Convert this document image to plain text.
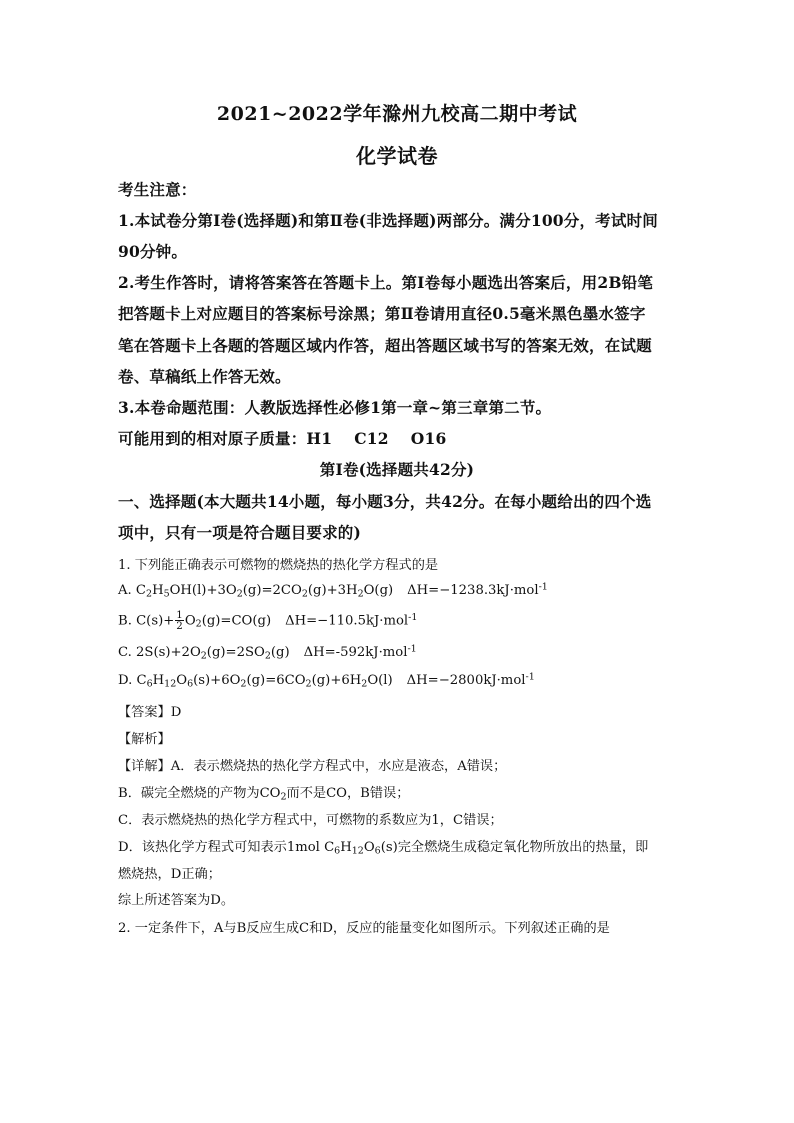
2021~2022学年滁州九校高二期中考试
化学试卷
考生注意：
1.本试卷分第Ⅰ卷(选择题)和第Ⅱ卷(非选择题)两部分。满分100分，考试时间
90分钟。
2.考生作答时，请将答案答在答题卡上。第Ⅰ卷每小题选出答案后，用2B铅笔
把答题卡上对应题目的答案标号涂黑；第Ⅱ卷请用直径0.5毫米黑色墨水签字
笔在答题卡上各题的答题区域内作答，超出答题区域书写的答案无效，在试题
卷、草稿纸上作答无效。
3.本卷命题范围：人教版选择性必修1第一章~第三章第二节。
可能用到的相对原子质量：H1 C12 O16
第Ⅰ卷(选择题共42分)
一、选择题(本大题共14小题，每小题3分，共42分。在每小题给出的四个选
项中，只有一项是符合题目要求的)
1. 下列能正确表示可燃物的燃烧热的热化学方程式的是
A. $C_2H_5OH(l)+3O_2(g)=2CO_2(g)+3H_2O(g)$ ΔH=−1238.3kJ·mol$^{-1}$
B. $C(s)+ \frac{1}{2} O_2(g)=CO(g)$ ΔH=−110.5kJ·mol$^{-1}$
C. $2S(s)+2O_2(g)=2SO_2(g)$ ΔH=-592kJ·mol$^{-1}$
D. $C_6H_{12}O_6(s)+6O_2(g)=6CO_2(g)+6H_2O(l)$ ΔH=−2800kJ·mol$^{-1}$
【答案】D
【解析】
【详解】A．表示燃烧热的热化学方程式中，水应是液态，A错误；
B．碳完全燃烧的产物为$CO_2$而不是CO，B错误；
C．表示燃烧热的热化学方程式中，可燃物的系数应为1，C错误；
D．该热化学方程式可知表示1mol $C_6H_{12}O_6(s)$完全燃烧生成稳定氧化物所放出的热量，即
燃烧热，D正确；
综上所述答案为D。
2. 一定条件下，A与B反应生成C和D，反应的能量变化如图所示。下列叙述正确的是
